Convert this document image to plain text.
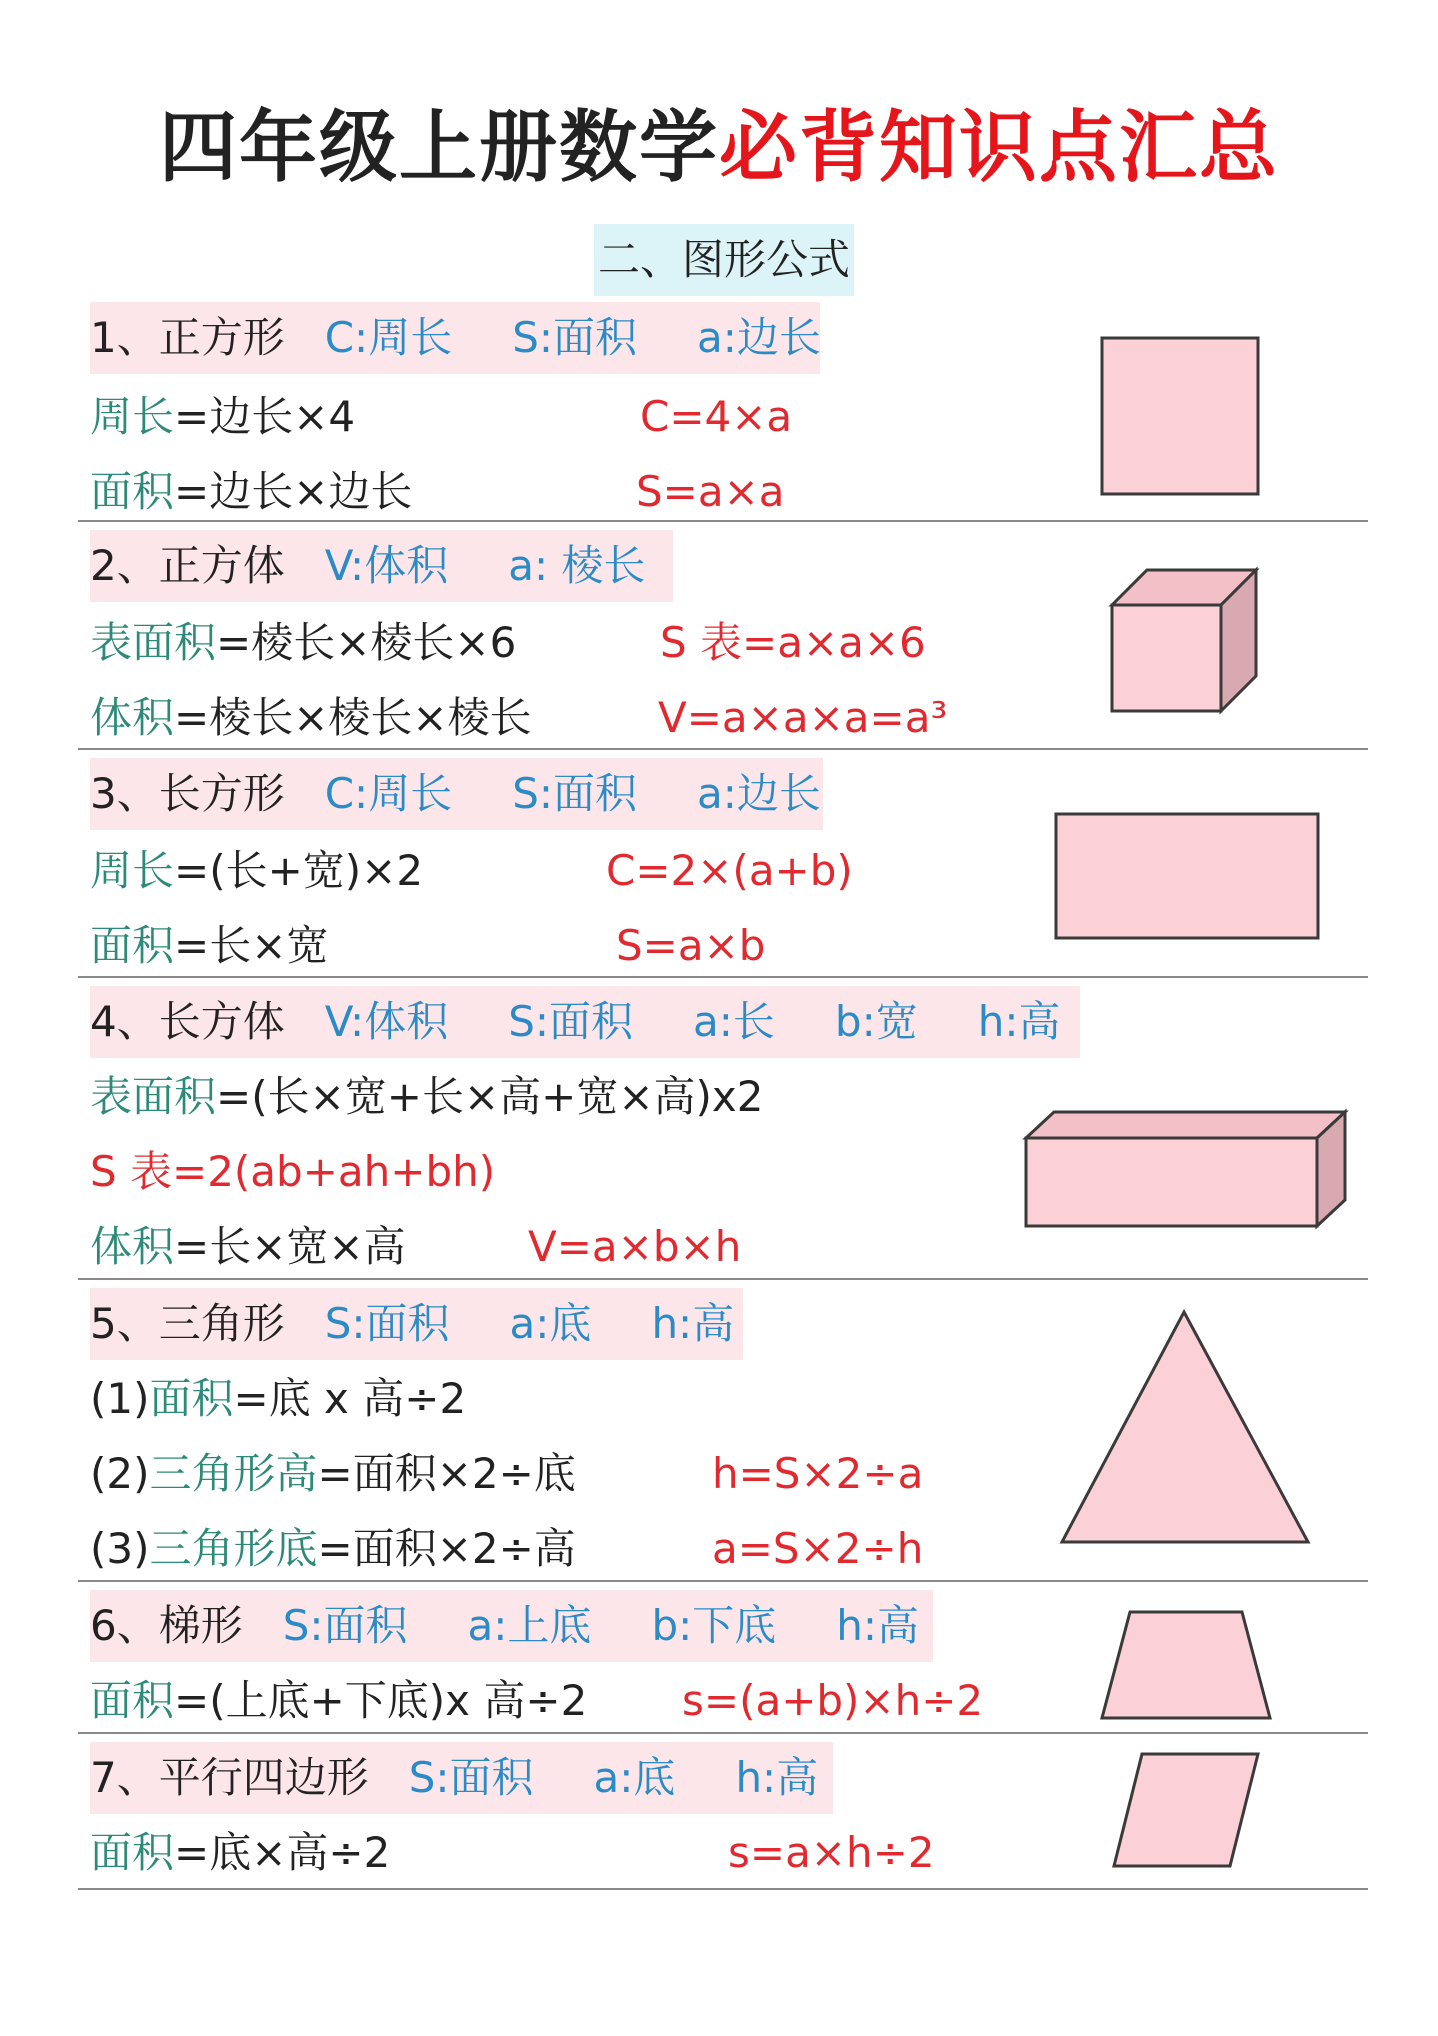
四年级上册数学必背知识点汇总
二、图形公式
1、正方形 C:周长 S:面积 a:边长
周长=边长×4	C=4×a
面积=边长×边长	S=a×a
2、正方体 V:体积 a: 棱长
表面积=棱长×棱长×6	S 表=a×a×6
体积=棱长×棱长×棱长	V=a×a×a=a³
3、长方形 C:周长 S:面积 a:边长
周长=(长+宽)×2	C=2×(a+b)
面积=长×宽	S=a×b
4、长方体 V:体积 S:面积 a:长 b:宽 h:高
表面积=(长×宽+长×高+宽×高)x2
S 表=2(ab+ah+bh)
体积=长×宽×高	V=a×b×h
5、三角形 S:面积 a:底 h:高
(1)面积=底 x 高÷2
(2)三角形高=面积×2÷底	h=S×2÷a
(3)三角形底=面积×2÷高	a=S×2÷h
6、梯形 S:面积 a:上底 b:下底 h:高
面积=(上底+下底)x 高÷2 s=(a+b)×h÷2
7、平行四边形 S:面积 a:底 h:高
面积=底×高÷2	s=a×h÷2
